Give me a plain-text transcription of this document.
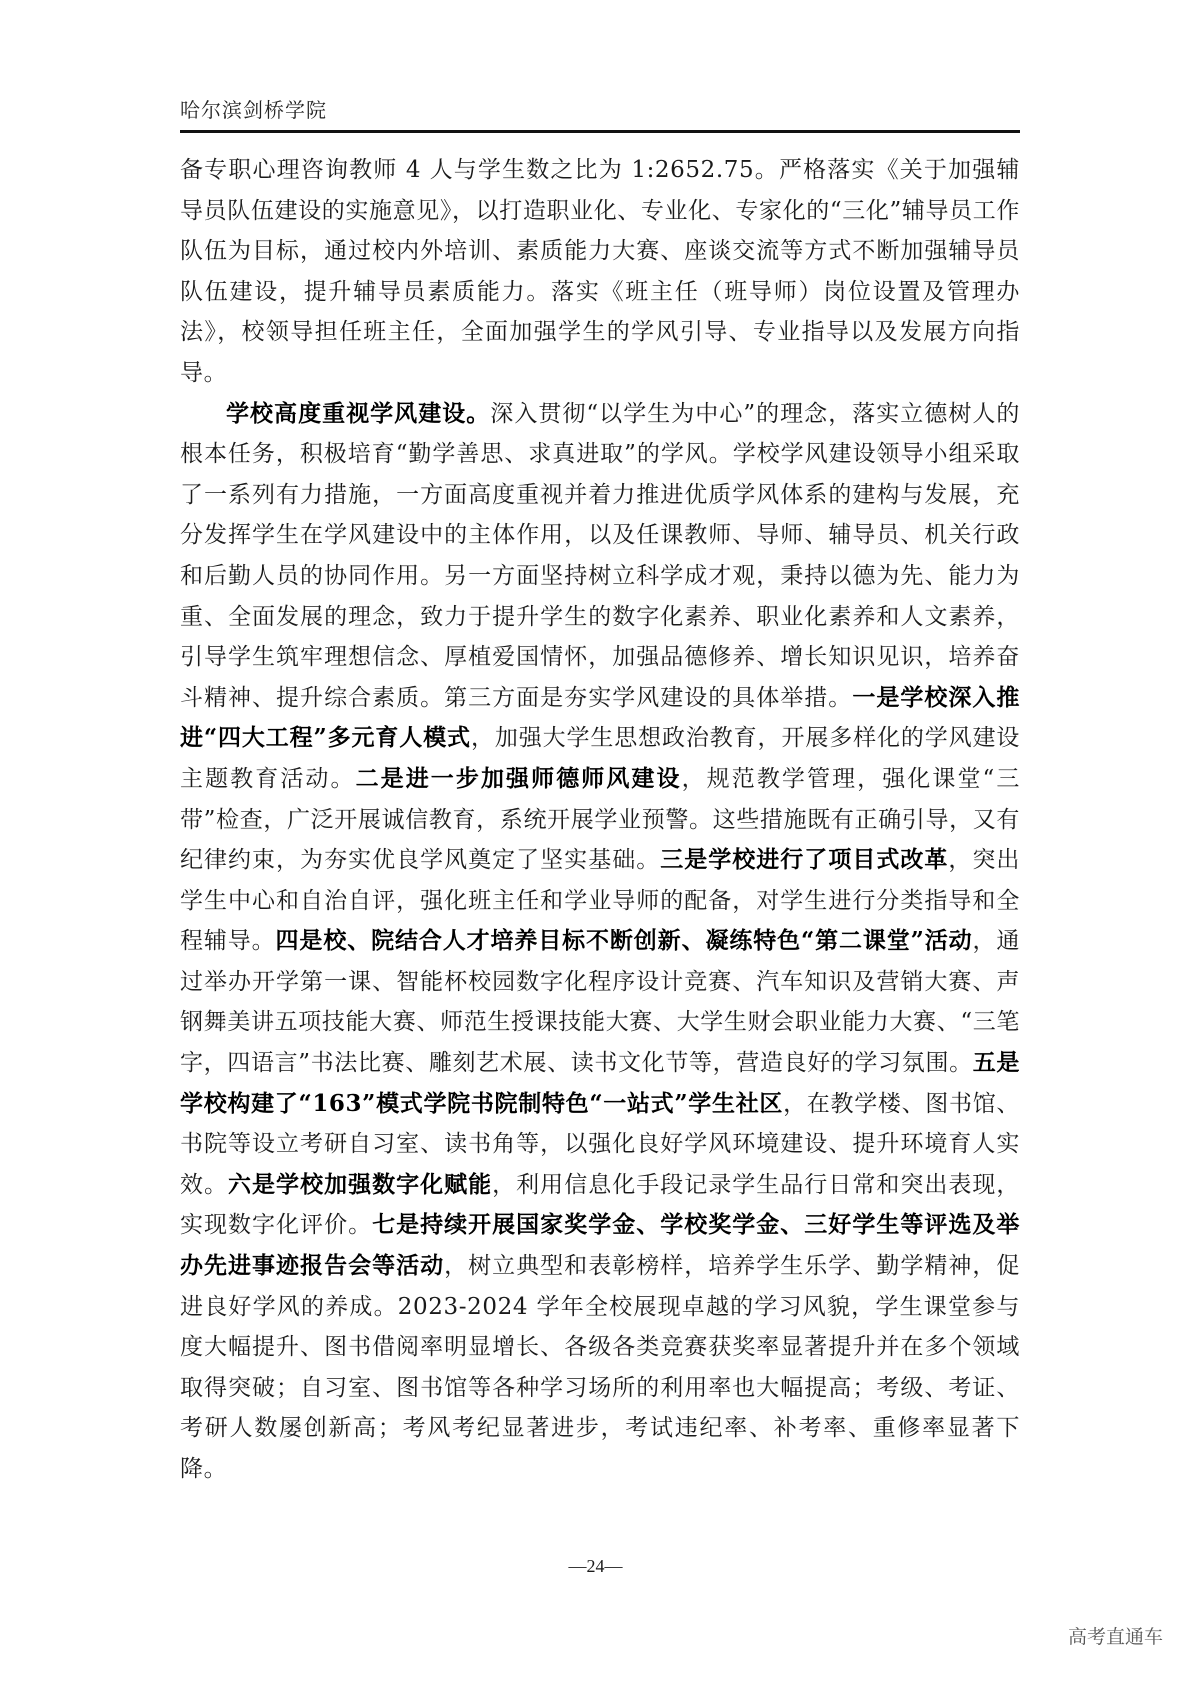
哈尔滨剑桥学院

备专职心理咨询教师 4 人与学生数之比为 1:2652.75。严格落实《关于加强辅导员队伍建设的实施意见》，以打造职业化、专业化、专家化的“三化”辅导员工作队伍为目标，通过校内外培训、素质能力大赛、座谈交流等方式不断加强辅导员队伍建设，提升辅导员素质能力。落实《班主任（班导师）岗位设置及管理办法》，校领导担任班主任，全面加强学生的学风引导、专业指导以及发展方向指导。

学校高度重视学风建设。深入贯彻“以学生为中心”的理念，落实立德树人的根本任务，积极培育“勤学善思、求真进取”的学风。学校学风建设领导小组采取了一系列有力措施，一方面高度重视并着力推进优质学风体系的建构与发展，充分发挥学生在学风建设中的主体作用，以及任课教师、导师、辅导员、机关行政和后勤人员的协同作用。另一方面坚持树立科学成才观，秉持以德为先、能力为重、全面发展的理念，致力于提升学生的数字化素养、职业化素养和人文素养，引导学生筑牢理想信念、厚植爱国情怀，加强品德修养、增长知识见识，培养奋斗精神、提升综合素质。第三方面是夯实学风建设的具体举措。一是学校深入推进“四大工程”多元育人模式，加强大学生思想政治教育，开展多样化的学风建设主题教育活动。二是进一步加强师德师风建设，规范教学管理，强化课堂“三带”检查，广泛开展诚信教育，系统开展学业预警。这些措施既有正确引导，又有纪律约束，为夯实优良学风奠定了坚实基础。三是学校进行了项目式改革，突出学生中心和自治自评，强化班主任和学业导师的配备，对学生进行分类指导和全程辅导。四是校、院结合人才培养目标不断创新、凝练特色“第二课堂”活动，通过举办开学第一课、智能杯校园数字化程序设计竞赛、汽车知识及营销大赛、声钢舞美讲五项技能大赛、师范生授课技能大赛、大学生财会职业能力大赛、“三笔字，四语言”书法比赛、雕刻艺术展、读书文化节等，营造良好的学习氛围。五是学校构建了“163”模式学院书院制特色“一站式”学生社区，在教学楼、图书馆、书院等设立考研自习室、读书角等，以强化良好学风环境建设、提升环境育人实效。六是学校加强数字化赋能，利用信息化手段记录学生品行日常和突出表现，实现数字化评价。七是持续开展国家奖学金、学校奖学金、三好学生等评选及举办先进事迹报告会等活动，树立典型和表彰榜样，培养学生乐学、勤学精神，促进良好学风的养成。2023-2024 学年全校展现卓越的学习风貌，学生课堂参与度大幅提升、图书借阅率明显增长、各级各类竞赛获奖率显著提升并在多个领域取得突破；自习室、图书馆等各种学习场所的利用率也大幅提高；考级、考证、考研人数屡创新高；考风考纪显著进步，考试违纪率、补考率、重修率显著下降。

—24—
高考直通车
